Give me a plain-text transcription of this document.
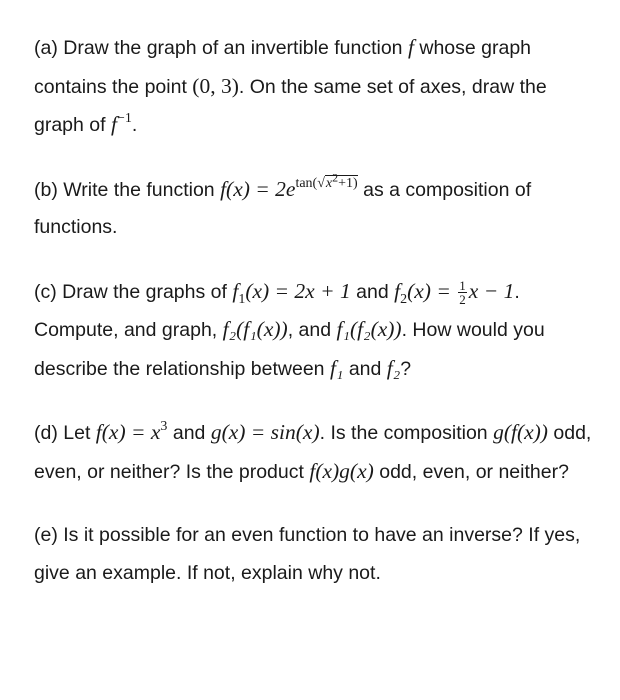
(a) Draw the graph of an invertible function f whose graph contains the point (0, 3). On the same set of axes, draw the graph of $f^{-1}$.

(b) Write the function $f(x) = 2e^{tan(√x^2+1)}$ as a composition of functions.

(c) Draw the graphs of $f_1(x) = 2x + 1$ and $f_2(x) = \frac{1}{2}$ x − 1. Compute, and graph, f₂(f₁(x)), and f₁(f₂(x)). How would you describe the relationship between f₁ and f₂?

(d) Let $f(x) = x^3$ and g(x) = sin(x). Is the composition g(f(x)) odd, even, or neither? Is the product f(x)g(x) odd, even, or neither?

(e) Is it possible for an even function to have an inverse? If yes, give an example. If not, explain why not.
